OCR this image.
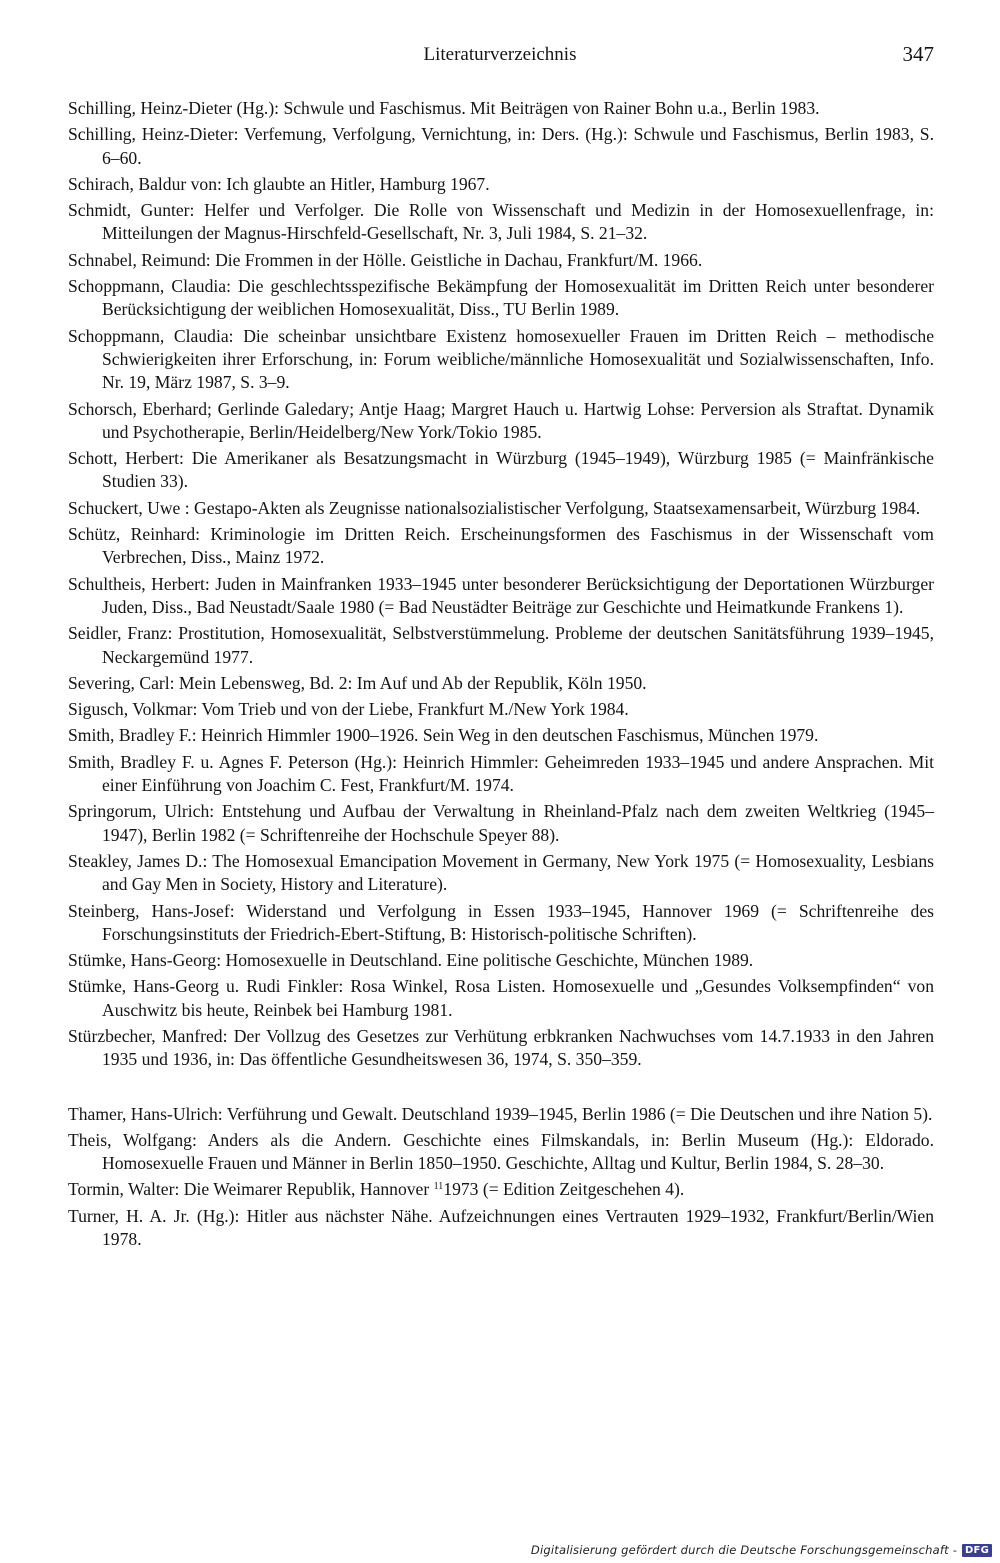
Literaturverzeichnis	347

Schilling, Heinz-Dieter (Hg.): Schwule und Faschismus. Mit Beiträgen von Rainer Bohn u.a., Berlin 1983.

Schilling, Heinz-Dieter: Verfemung, Verfolgung, Vernichtung, in: Ders. (Hg.): Schwule und Faschismus, Berlin 1983, S. 6–60.

Schirach, Baldur von: Ich glaubte an Hitler, Hamburg 1967.

Schmidt, Gunter: Helfer und Verfolger. Die Rolle von Wissenschaft und Medizin in der Homosexuellenfrage, in: Mitteilungen der Magnus-Hirschfeld-Gesellschaft, Nr. 3, Juli 1984, S. 21–32.

Schnabel, Reimund: Die Frommen in der Hölle. Geistliche in Dachau, Frankfurt/M. 1966.

Schoppmann, Claudia: Die geschlechtsspezifische Bekämpfung der Homosexualität im Dritten Reich unter besonderer Berücksichtigung der weiblichen Homosexualität, Diss., TU Berlin 1989.

Schoppmann, Claudia: Die scheinbar unsichtbare Existenz homosexueller Frauen im Dritten Reich – methodische Schwierigkeiten ihrer Erforschung, in: Forum weibliche/männliche Homosexualität und Sozialwissenschaften, Info. Nr. 19, März 1987, S. 3–9.

Schorsch, Eberhard; Gerlinde Galedary; Antje Haag; Margret Hauch u. Hartwig Lohse: Perversion als Straftat. Dynamik und Psychotherapie, Berlin/Heidelberg/New York/Tokio 1985.

Schott, Herbert: Die Amerikaner als Besatzungsmacht in Würzburg (1945–1949), Würzburg 1985 (= Mainfränkische Studien 33).

Schuckert, Uwe : Gestapo-Akten als Zeugnisse nationalsozialistischer Verfolgung, Staatsexamensarbeit, Würzburg 1984.

Schütz, Reinhard: Kriminologie im Dritten Reich. Erscheinungsformen des Faschismus in der Wissenschaft vom Verbrechen, Diss., Mainz 1972.

Schultheis, Herbert: Juden in Mainfranken 1933–1945 unter besonderer Berücksichtigung der Deportationen Würzburger Juden, Diss., Bad Neustadt/Saale 1980 (= Bad Neustädter Beiträge zur Geschichte und Heimatkunde Frankens 1).

Seidler, Franz: Prostitution, Homosexualität, Selbstverstümmelung. Probleme der deutschen Sanitätsführung 1939–1945, Neckargemünd 1977.

Severing, Carl: Mein Lebensweg, Bd. 2: Im Auf und Ab der Republik, Köln 1950.

Sigusch, Volkmar: Vom Trieb und von der Liebe, Frankfurt M./New York 1984.

Smith, Bradley F.: Heinrich Himmler 1900–1926. Sein Weg in den deutschen Faschismus, München 1979.

Smith, Bradley F. u. Agnes F. Peterson (Hg.): Heinrich Himmler: Geheimreden 1933–1945 und andere Ansprachen. Mit einer Einführung von Joachim C. Fest, Frankfurt/M. 1974.

Springorum, Ulrich: Entstehung und Aufbau der Verwaltung in Rheinland-Pfalz nach dem zweiten Weltkrieg (1945–1947), Berlin 1982 (= Schriftenreihe der Hochschule Speyer 88).

Steakley, James D.: The Homosexual Emancipation Movement in Germany, New York 1975 (= Homosexuality, Lesbians and Gay Men in Society, History and Literature).

Steinberg, Hans-Josef: Widerstand und Verfolgung in Essen 1933–1945, Hannover 1969 (= Schriftenreihe des Forschungsinstituts der Friedrich-Ebert-Stiftung, B: Historisch-politische Schriften).

Stümke, Hans-Georg: Homosexuelle in Deutschland. Eine politische Geschichte, München 1989.

Stümke, Hans-Georg u. Rudi Finkler: Rosa Winkel, Rosa Listen. Homosexuelle und „Gesundes Volksempfinden“ von Auschwitz bis heute, Reinbek bei Hamburg 1981.

Stürzbecher, Manfred: Der Vollzug des Gesetzes zur Verhütung erbkranken Nachwuchses vom 14.7.1933 in den Jahren 1935 und 1936, in: Das öffentliche Gesundheitswesen 36, 1974, S. 350–359.

Thamer, Hans-Ulrich: Verführung und Gewalt. Deutschland 1939–1945, Berlin 1986 (= Die Deutschen und ihre Nation 5).

Theis, Wolfgang: Anders als die Andern. Geschichte eines Filmskandals, in: Berlin Museum (Hg.): Eldorado. Homosexuelle Frauen und Männer in Berlin 1850–1950. Geschichte, Alltag und Kultur, Berlin 1984, S. 28–30.

Tormin, Walter: Die Weimarer Republik, Hannover $^{11}$1973 (= Edition Zeitgeschehen 4).

Turner, H. A. Jr. (Hg.): Hitler aus nächster Nähe. Aufzeichnungen eines Vertrauten 1929–1932, Frankfurt/Berlin/Wien 1978.

Digitalisierung gefördert durch die Deutsche Forschungsgemeinschaft - DFG
